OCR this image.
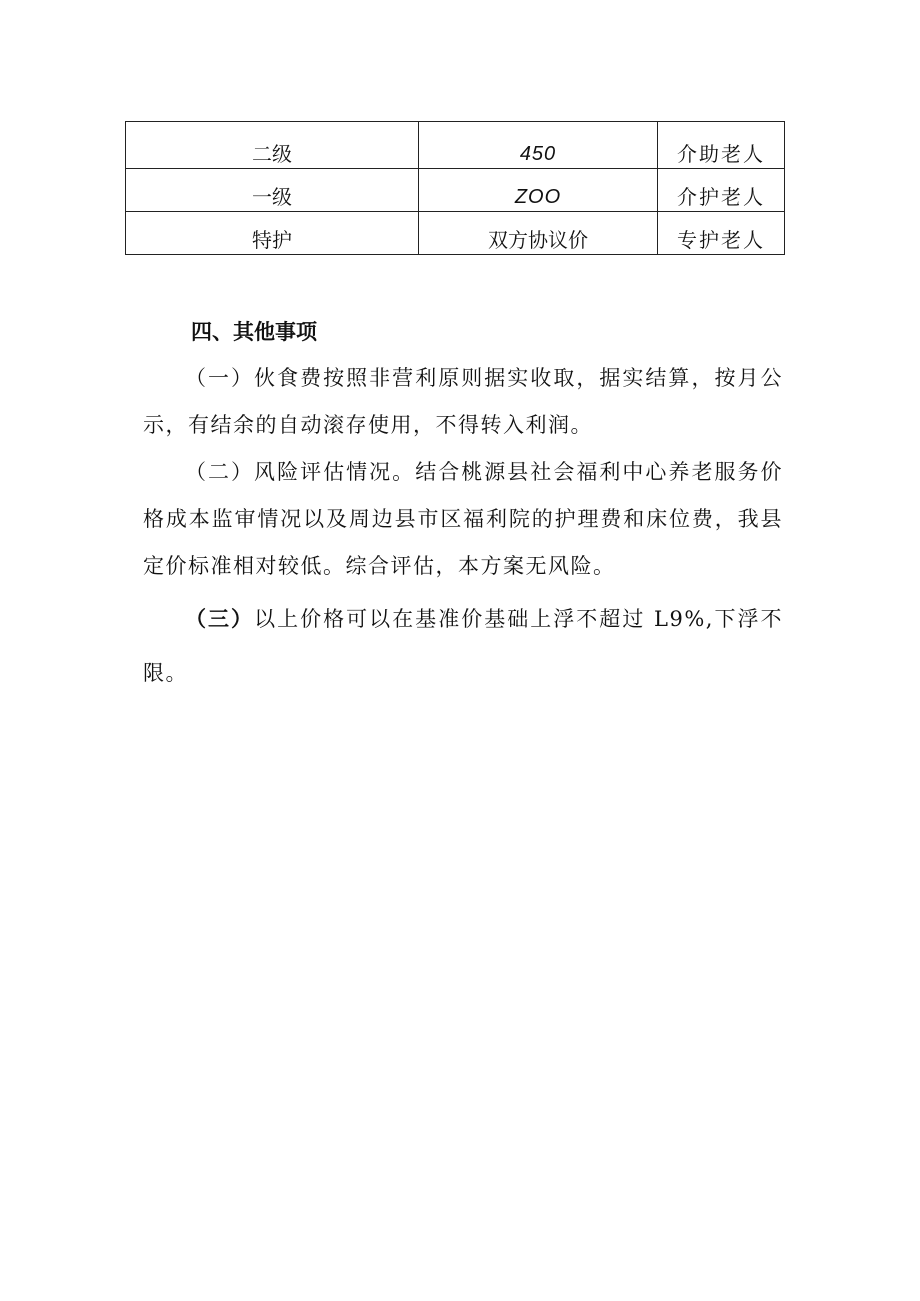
二级	450	介助老人
一级	ZOO	介护老人
特护	双方协议价	专护老人
四、其他事项

（一）伙食费按照非营利原则据实收取，据实结算，按月公示，有结余的自动滚存使用，不得转入利润。

（二）风险评估情况。结合桃源县社会福利中心养老服务价格成本监审情况以及周边县市区福利院的护理费和床位费，我县定价标准相对较低。综合评估，本方案无风险。

（三）以上价格可以在基准价基础上浮不超过 L9%,下浮不限。
